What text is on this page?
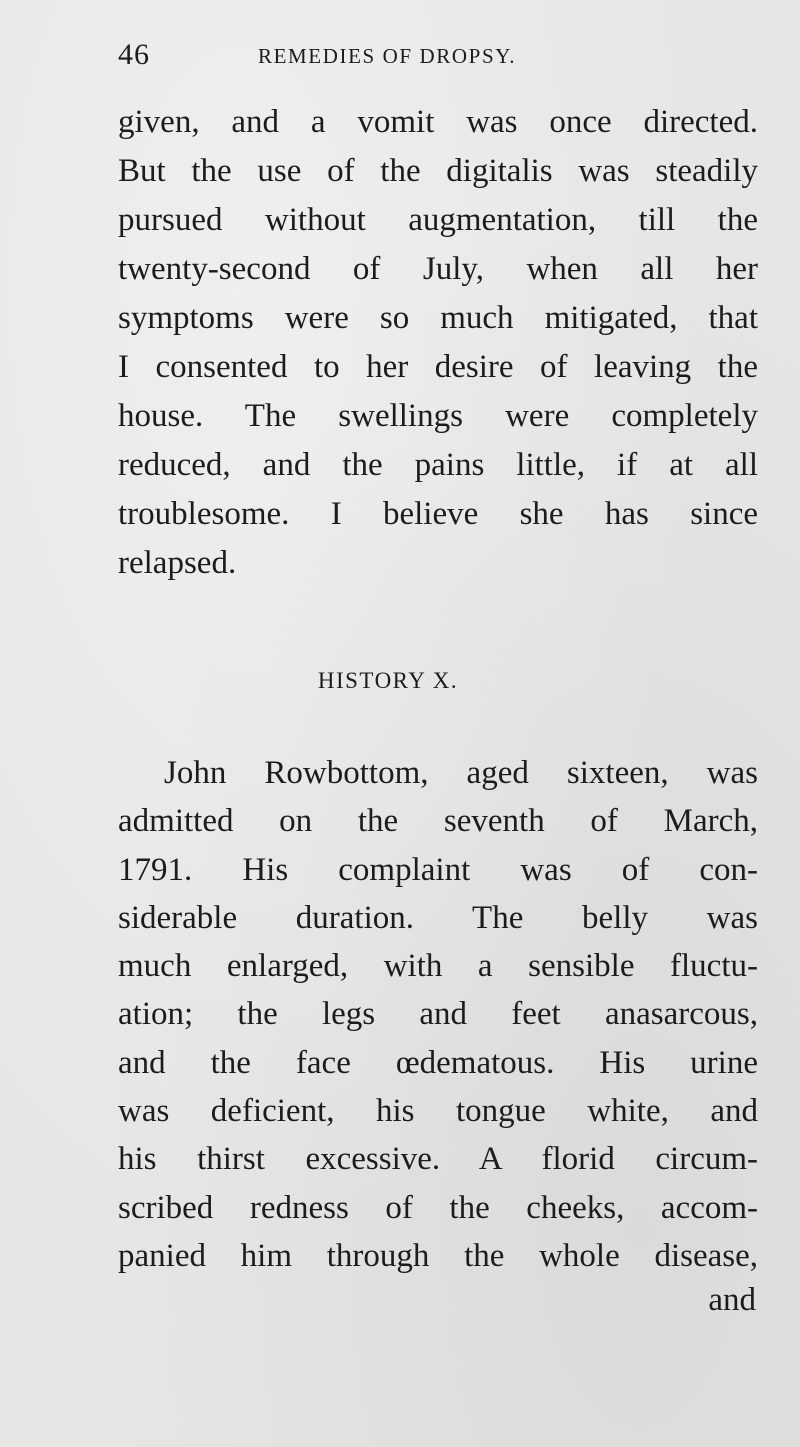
46	REMEDIES OF DROPSY.
given, and a vomit was once directed.
But the use of the digitalis was steadily
pursued without augmentation, till the
twenty-second of July, when all her
symptoms were so much mitigated, that
I consented to her desire of leaving the
house. The swellings were completely
reduced, and the pains little, if at all
troublesome. I believe she has since
relapsed.
HISTORY X.
John Rowbottom, aged sixteen, was
admitted on the seventh of March,
1791. His complaint was of con-
siderable duration. The belly was
much enlarged, with a sensible fluctu-
ation; the legs and feet anasarcous,
and the face œdematous. His urine
was deficient, his tongue white, and
his thirst excessive. A florid circum-
scribed redness of the cheeks, accom-
panied him through the whole disease,
and
